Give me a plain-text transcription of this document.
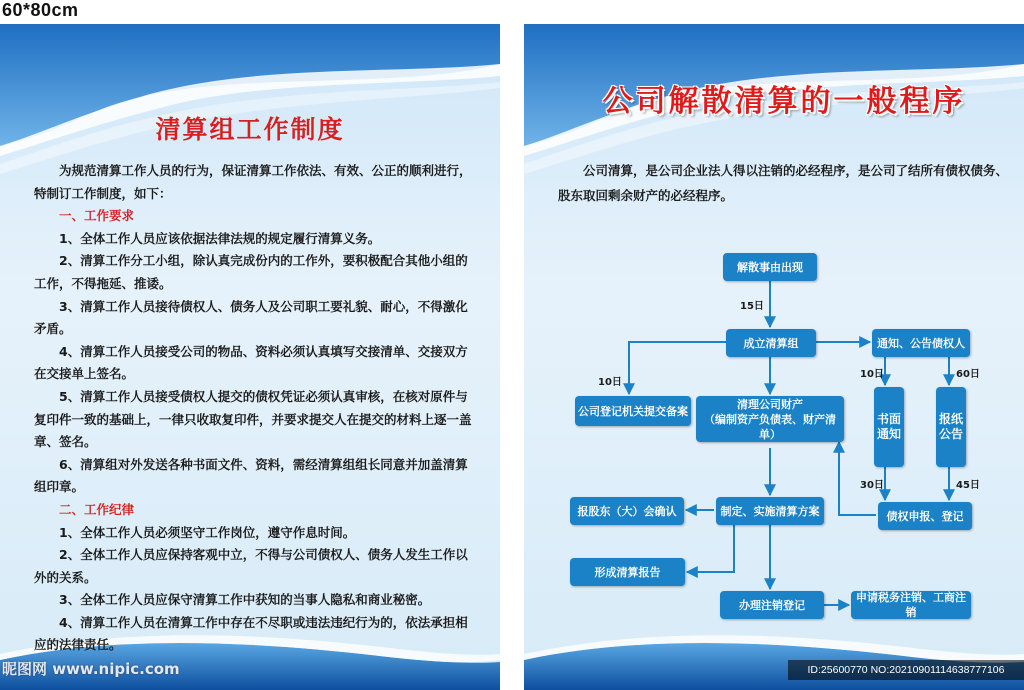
60*80cm
清算组工作制度

为规范清算工作人员的行为，保证清算工作依法、有效、公正的顺利进行，特制订工作制度，如下：

一、工作要求

1、全体工作人员应该依据法律法规的规定履行清算义务。

2、清算工作分工小组，除认真完成份内的工作外，要积极配合其他小组的工作，不得拖延、推诿。

3、清算工作人员接待债权人、债务人及公司职工要礼貌、耐心，不得激化矛盾。

4、清算工作人员接受公司的物品、资料必须认真填写交接清单、交接双方在交接单上签名。

5、清算工作人员接受债权人提交的债权凭证必须认真审核，在核对原件与复印件一致的基础上，一律只收取复印件，并要求提交人在提交的材料上逐一盖章、签名。

6、清算组对外发送各种书面文件、资料，需经清算组组长同意并加盖清算组印章。

二、工作纪律

1、全体工作人员必须坚守工作岗位，遵守作息时间。

2、全体工作人员应保持客观中立，不得与公司债权人、债务人发生工作以外的关系。

3、全体工作人员应保守清算工作中获知的当事人隐私和商业秘密。

4、清算工作人员在清算工作中存在不尽职或违法违纪行为的，依法承担相应的法律责任。

公司解散清算的一般程序
公司清算，是公司企业法人得以注销的必经程序，是公司了结所有债权债务、股东取回剩余财产的必经程序。
解散事由出现
成立清算组	通知、公告债权人
公司登记机关提交备案
清理公司财产
（编制资产负债表、财产清单）
书面通知
报纸公告
债权申报、登记
制定、实施清算方案
报股东（大）会确认
形成清算报告
办理注销登记
申请税务注销、工商注销
15日
10日
10日	60日
30日	45日
昵图网 www.nipic.com	ID:25600770 NO:20210901114638777106
